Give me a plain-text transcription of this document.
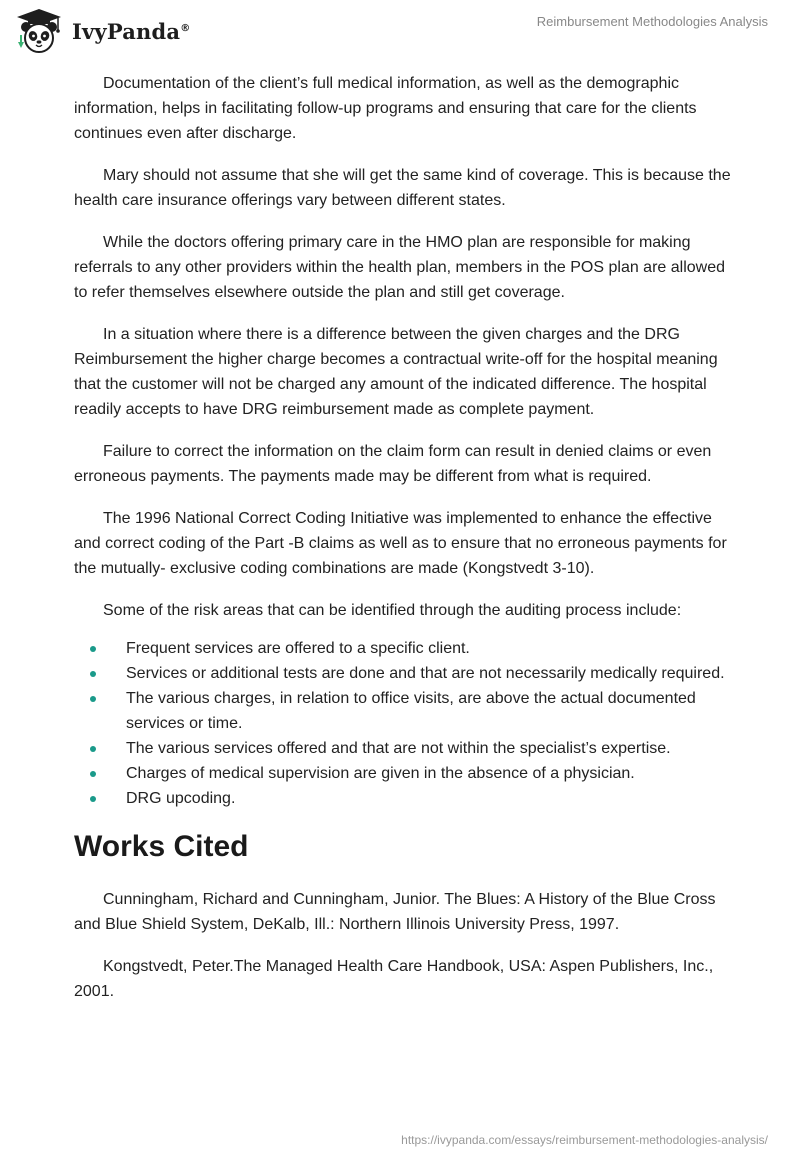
IvyPanda®	Reimbursement Methodologies Analysis

Documentation of the client’s full medical information, as well as the demographic information, helps in facilitating follow-up programs and ensuring that care for the clients continues even after discharge.

Mary should not assume that she will get the same kind of coverage. This is because the health care insurance offerings vary between different states.

While the doctors offering primary care in the HMO plan are responsible for making referrals to any other providers within the health plan, members in the POS plan are allowed to refer themselves elsewhere outside the plan and still get coverage.

In a situation where there is a difference between the given charges and the DRG Reimbursement the higher charge becomes a contractual write-off for the hospital meaning that the customer will not be charged any amount of the indicated difference. The hospital readily accepts to have DRG reimbursement made as complete payment.

Failure to correct the information on the claim form can result in denied claims or even erroneous payments. The payments made may be different from what is required.

The 1996 National Correct Coding Initiative was implemented to enhance the effective and correct coding of the Part -B claims as well as to ensure that no erroneous payments for the mutually- exclusive coding combinations are made (Kongstvedt 3-10).

Some of the risk areas that can be identified through the auditing process include:

Frequent services are offered to a specific client.
Services or additional tests are done and that are not necessarily medically required.
The various charges, in relation to office visits, are above the actual documented services or time.
The various services offered and that are not within the specialist’s expertise.
Charges of medical supervision are given in the absence of a physician.
DRG upcoding.
Works Cited

Cunningham, Richard and Cunningham, Junior. The Blues: A History of the Blue Cross and Blue Shield System, DeKalb, Ill.: Northern Illinois University Press, 1997.

Kongstvedt, Peter.The Managed Health Care Handbook, USA: Aspen Publishers, Inc., 2001.

https://ivypanda.com/essays/reimbursement-methodologies-analysis/
